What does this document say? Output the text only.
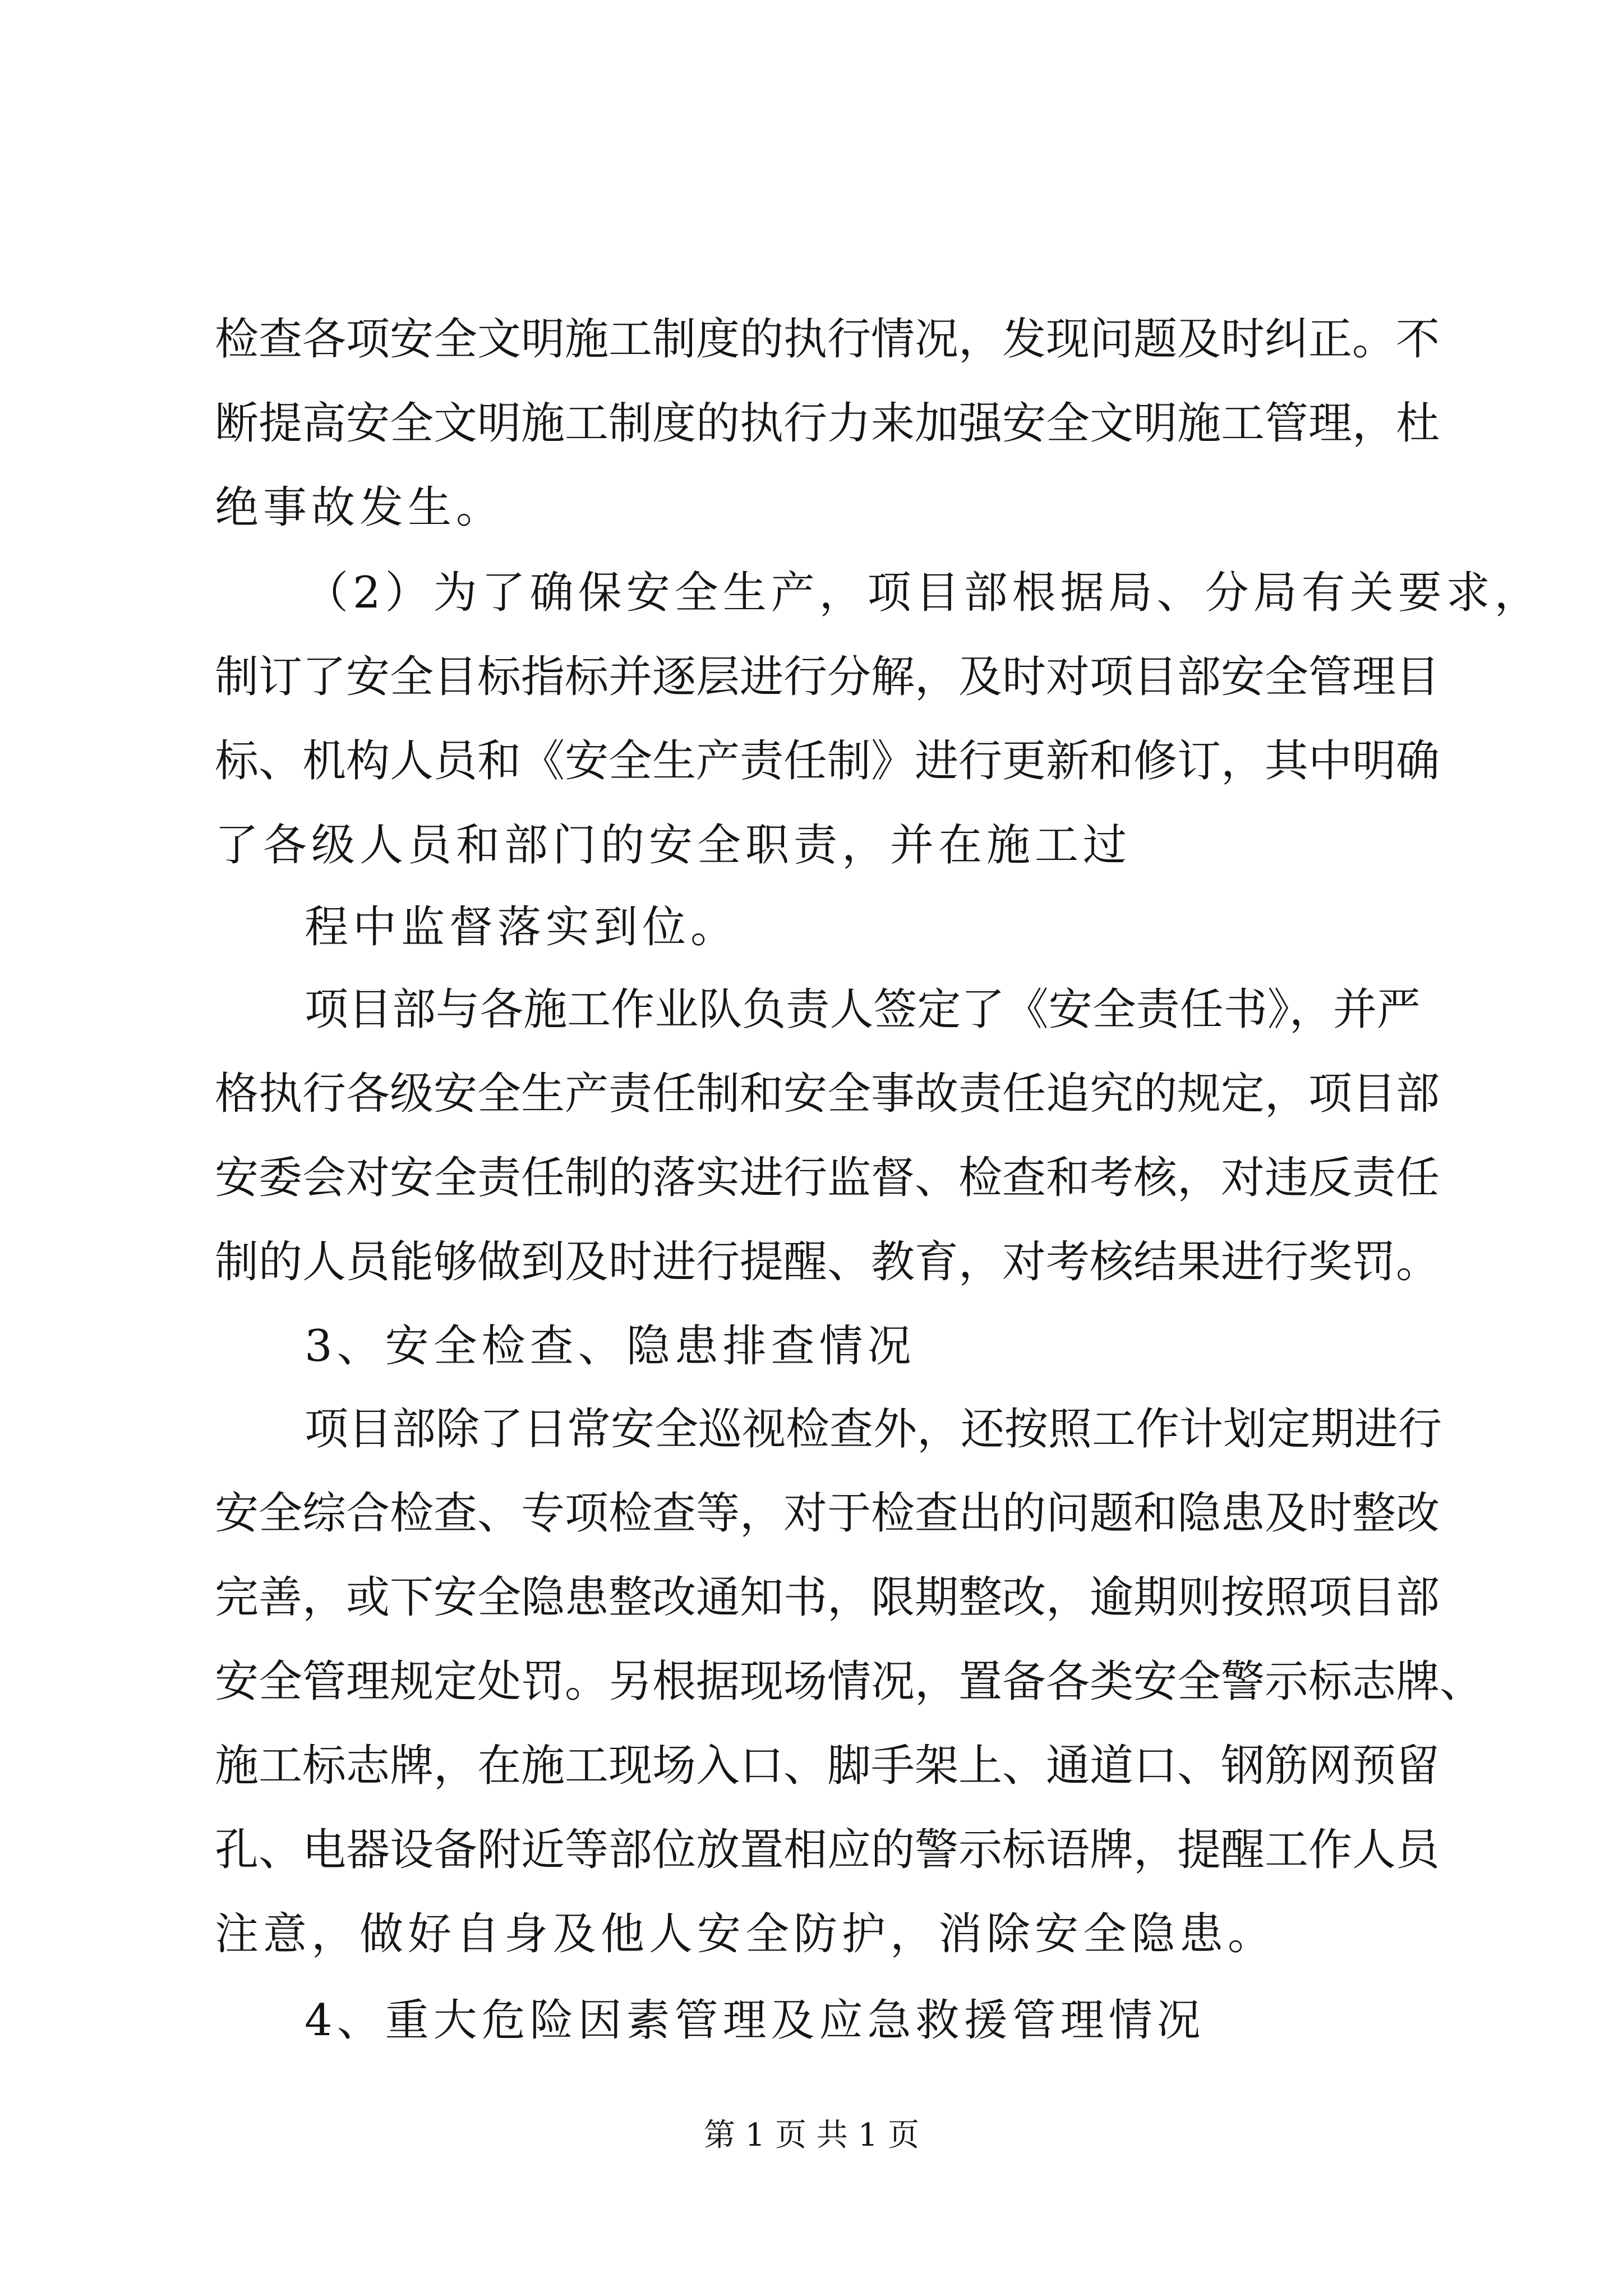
检查各项安全文明施工制度的执行情况，发现问题及时纠正。不
断提高安全文明施工制度的执行力来加强安全文明施工管理，杜
绝事故发生。
（2）为了确保安全生产，项目部根据局、分局有关要求，
制订了安全目标指标并逐层进行分解，及时对项目部安全管理目
标、机构人员和《安全生产责任制》进行更新和修订，其中明确
了各级人员和部门的安全职责，并在施工过
程中监督落实到位。
项目部与各施工作业队负责人签定了《安全责任书》，并严
格执行各级安全生产责任制和安全事故责任追究的规定，项目部
安委会对安全责任制的落实进行监督、检查和考核，对违反责任
制的人员能够做到及时进行提醒、教育，对考核结果进行奖罚。
3、安全检查、隐患排查情况
项目部除了日常安全巡视检查外，还按照工作计划定期进行
安全综合检查、专项检查等，对于检查出的问题和隐患及时整改
完善，或下安全隐患整改通知书，限期整改，逾期则按照项目部
安全管理规定处罚。另根据现场情况，置备各类安全警示标志牌、
施工标志牌，在施工现场入口、脚手架上、通道口、钢筋网预留
孔、电器设备附近等部位放置相应的警示标语牌，提醒工作人员
注意，做好自身及他人安全防护，消除安全隐患。
4、重大危险因素管理及应急救援管理情况
第 1 页 共 1 页
